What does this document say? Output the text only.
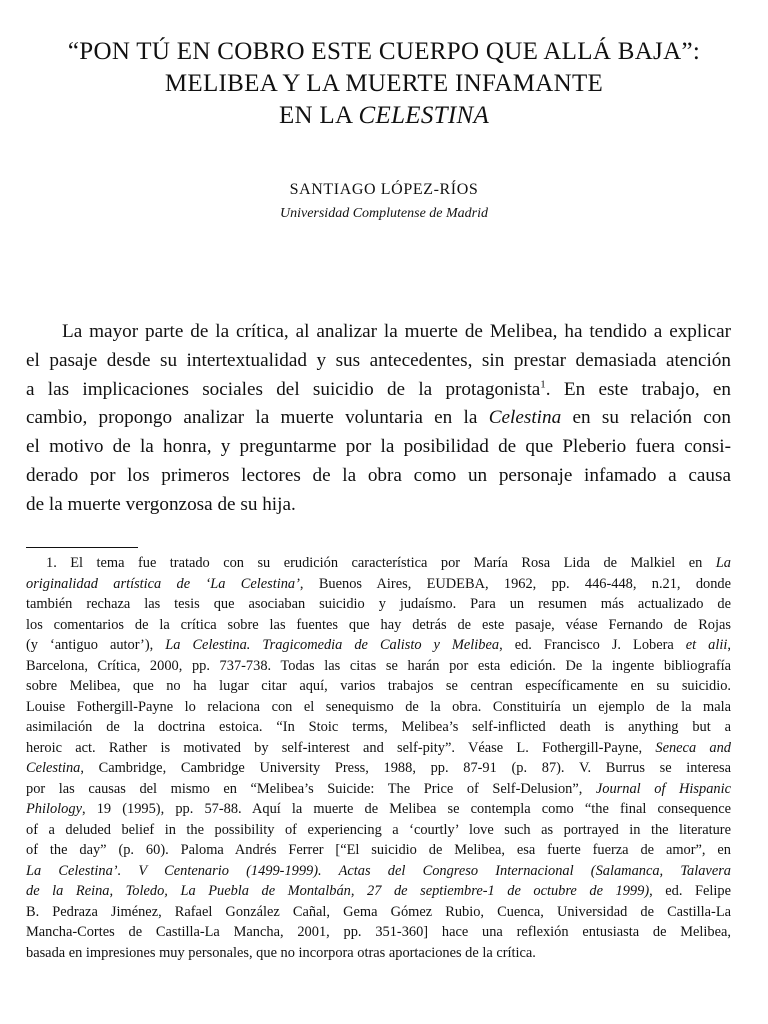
“PON TÚ EN COBRO ESTE CUERPO QUE ALLÁ BAJA”:
MELIBEA Y LA MUERTE INFAMANTE
EN LA CELESTINA
SANTIAGO LÓPEZ-RÍOS
Universidad Complutense de Madrid
La mayor parte de la crítica, al analizar la muerte de Melibea, ha tendido a explicar
el pasaje desde su intertextualidad y sus antecedentes, sin prestar demasiada atención
a las implicaciones sociales del suicidio de la protagonista$^1$. En este trabajo, en
cambio, propongo analizar la muerte voluntaria en la Celestina en su relación con
el motivo de la honra, y preguntarme por la posibilidad de que Pleberio fuera consi-
derado por los primeros lectores de la obra como un personaje infamado a causa
de la muerte vergonzosa de su hija.
1. El tema fue tratado con su erudición característica por María Rosa Lida de Malkiel en La
originalidad artística de ‘La Celestina’, Buenos Aires, EUDEBA, 1962, pp. 446-448, n.21, donde
también rechaza las tesis que asociaban suicidio y judaísmo. Para un resumen más actualizado de
los comentarios de la crítica sobre las fuentes que hay detrás de este pasaje, véase Fernando de Rojas
(y ‘antiguo autor’), La Celestina. Tragicomedia de Calisto y Melibea, ed. Francisco J. Lobera et alii,
Barcelona, Crítica, 2000, pp. 737-738. Todas las citas se harán por esta edición. De la ingente bibliografía
sobre Melibea, que no ha lugar citar aquí, varios trabajos se centran específicamente en su suicidio.
Louise Fothergill-Payne lo relaciona con el senequismo de la obra. Constituiría un ejemplo de la mala
asimilación de la doctrina estoica. “In Stoic terms, Melibea’s self-inflicted death is anything but a
heroic act. Rather is motivated by self-interest and self-pity”. Véase L. Fothergill-Payne, Seneca and
Celestina, Cambridge, Cambridge University Press, 1988, pp. 87-91 (p. 87). V. Burrus se interesa
por las causas del mismo en “Melibea’s Suicide: The Price of Self-Delusion”, Journal of Hispanic
Philology, 19 (1995), pp. 57-88. Aquí la muerte de Melibea se contempla como “the final consequence
of a deluded belief in the possibility of experiencing a ‘courtly’ love such as portrayed in the literature
of the day” (p. 60). Paloma Andrés Ferrer [“El suicidio de Melibea, esa fuerte fuerza de amor”, en
La Celestina’. V Centenario (1499-1999). Actas del Congreso Internacional (Salamanca, Talavera
de la Reina, Toledo, La Puebla de Montalbán, 27 de septiembre-1 de octubre de 1999), ed. Felipe
B. Pedraza Jiménez, Rafael González Cañal, Gema Gómez Rubio, Cuenca, Universidad de Castilla-La
Mancha-Cortes de Castilla-La Mancha, 2001, pp. 351-360] hace una reflexión entusiasta de Melibea,
basada en impresiones muy personales, que no incorpora otras aportaciones de la crítica.
